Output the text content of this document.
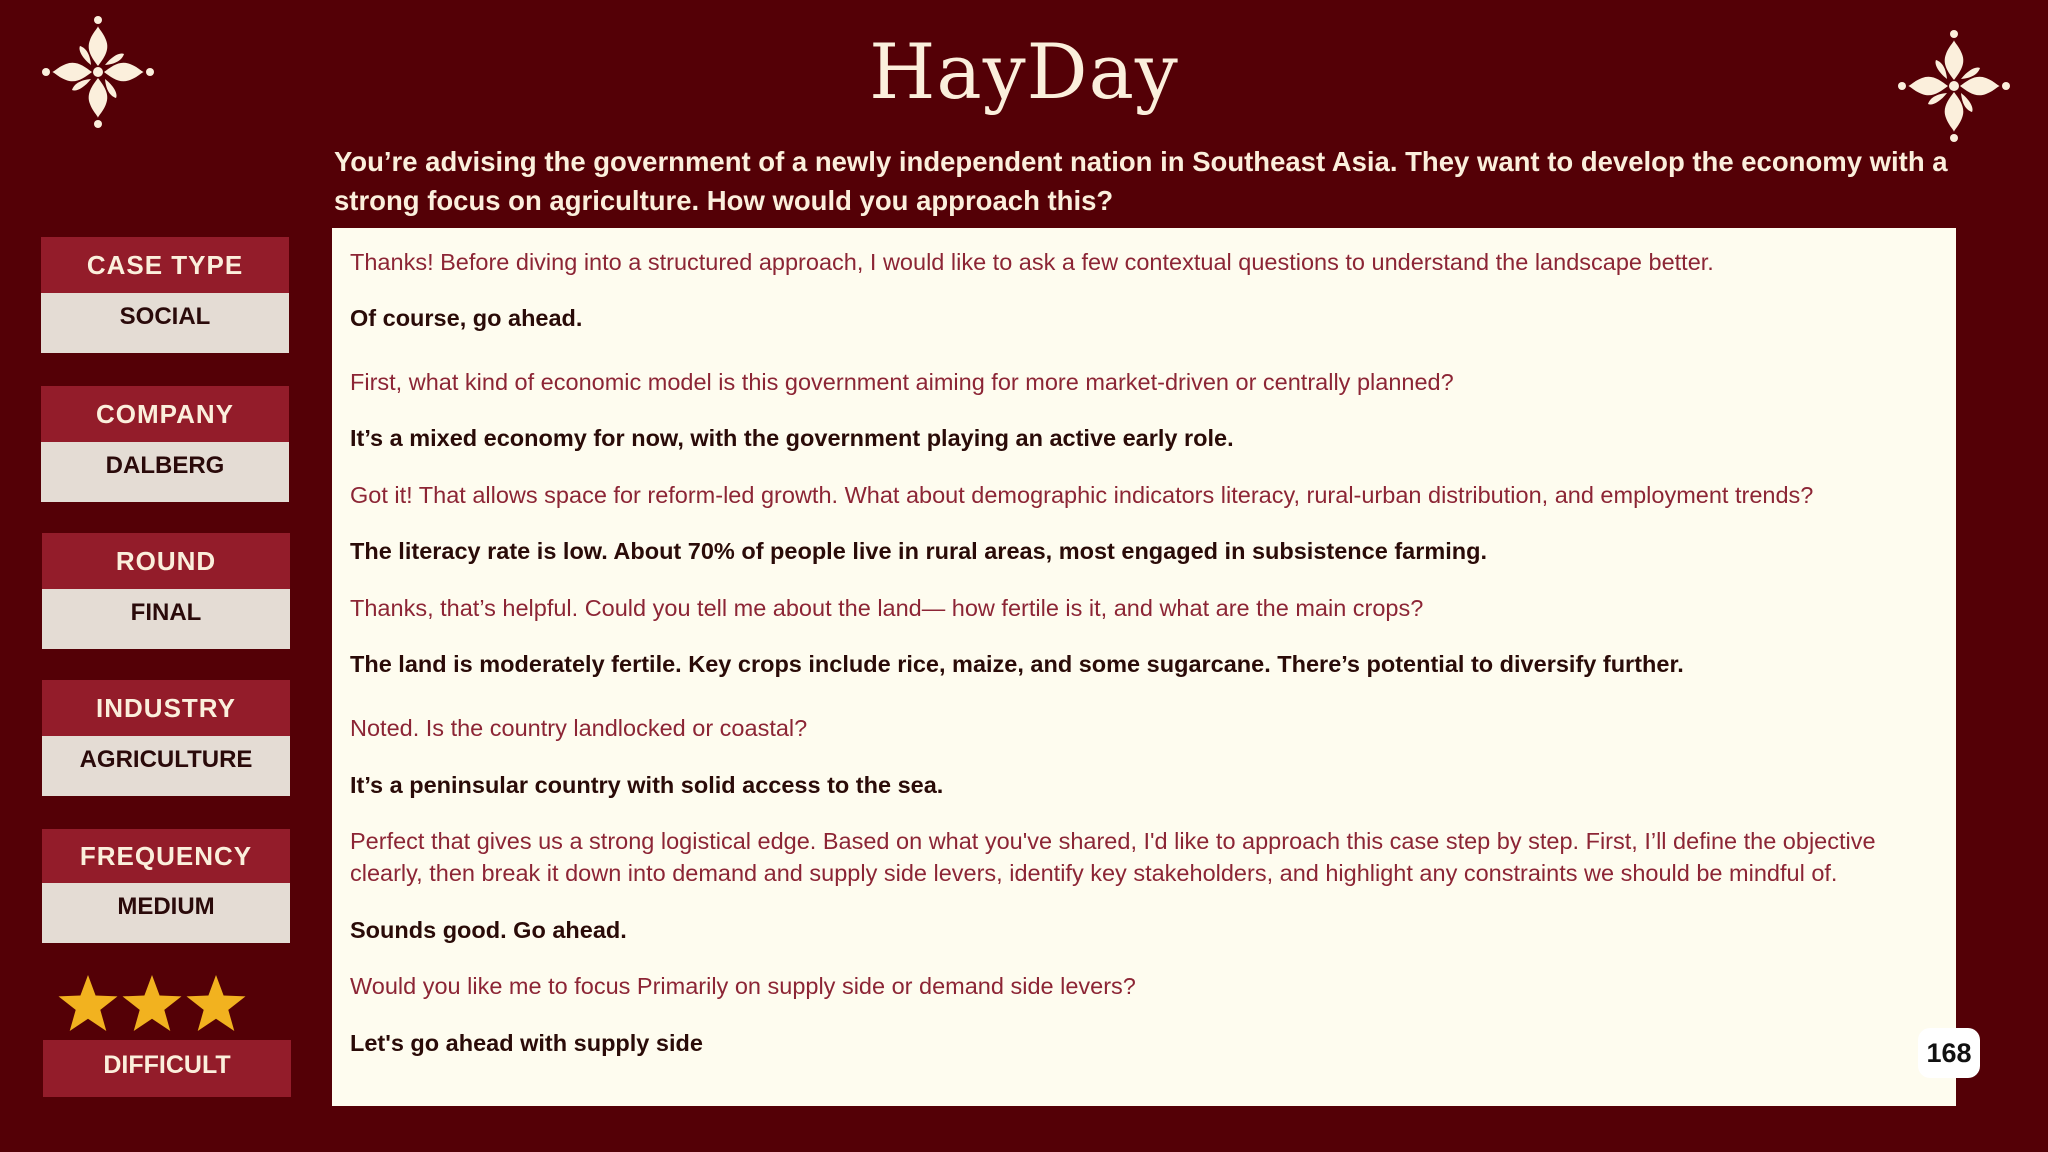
HayDay
You’re advising the government of a newly independent nation in Southeast Asia. They want to develop the economy with a strong focus on agriculture. How would you approach this?
CASE TYPE
SOCIAL
COMPANY
DALBERG
ROUND
FINAL
INDUSTRY
AGRICULTURE
FREQUENCY
MEDIUM
DIFFICULT
Thanks! Before diving into a structured approach, I would like to ask a few contextual questions to understand the landscape better.
Of course, go ahead.
First, what kind of economic model is this government aiming for more market-driven or centrally planned?
It’s a mixed economy for now, with the government playing an active early role.
Got it! That allows space for reform-led growth. What about demographic indicators literacy, rural-urban distribution, and employment trends?
The literacy rate is low. About 70% of people live in rural areas, most engaged in subsistence farming.
Thanks, that’s helpful. Could you tell me about the land— how fertile is it, and what are the main crops?
The land is moderately fertile. Key crops include rice, maize, and some sugarcane. There’s potential to diversify further.
Noted. Is the country landlocked or coastal?
It’s a peninsular country with solid access to the sea.
Perfect that gives us a strong logistical edge. Based on what you've shared, I'd like to approach this case step by step. First, I’ll define the objective clearly, then break it down into demand and supply side levers, identify key stakeholders, and highlight any constraints we should be mindful of.
Sounds good. Go ahead.
Would you like me to focus Primarily on supply side or demand side levers?
Let's go ahead with supply side	168
